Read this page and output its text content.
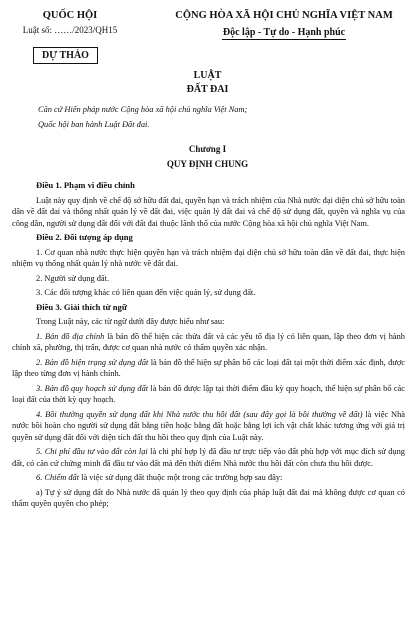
QUỐC HỘI
Luật số: ……/2023/QH15
CỘNG HÒA XÃ HỘI CHỦ NGHĨA VIỆT NAM
Độc lập - Tự do - Hạnh phúc
DỰ THẢO
LUẬT
ĐẤT ĐAI

Căn cứ Hiến pháp nước Cộng hòa xã hội chủ nghĩa Việt Nam;

Quốc hội ban hành Luật Đất đai.

Chương I
QUY ĐỊNH CHUNG

Điều 1. Phạm vi điều chỉnh

Luật này quy định về chế độ sở hữu đất đai, quyền hạn và trách nhiệm của Nhà nước đại diện chủ sở hữu toàn dân về đất đai và thống nhất quản lý về đất đai, việc quản lý đất đai và chế độ sử dụng đất, quyền và nghĩa vụ của công dân, người sử dụng đất đối với đất đai thuộc lãnh thổ của nước Cộng hòa xã hội chủ nghĩa Việt Nam.

Điều 2. Đối tượng áp dụng

1. Cơ quan nhà nước thực hiện quyền hạn và trách nhiệm đại diện chủ sở hữu toàn dân về đất đai, thực hiện nhiệm vụ thống nhất quản lý nhà nước về đất đai.

2. Người sử dụng đất.

3. Các đối tượng khác có liên quan đến việc quản lý, sử dụng đất.

Điều 3. Giải thích từ ngữ

Trong Luật này, các từ ngữ dưới đây được hiểu như sau:

1. Bản đồ địa chính là bản đồ thể hiện các thửa đất và các yếu tố địa lý có liên quan, lập theo đơn vị hành chính xã, phường, thị trấn, được cơ quan nhà nước có thẩm quyền xác nhận.

2. Bản đồ hiện trạng sử dụng đất là bản đồ thể hiện sự phân bố các loại đất tại một thời điểm xác định, được lập theo từng đơn vị hành chính.

3. Bản đồ quy hoạch sử dụng đất là bản đồ được lập tại thời điểm đầu kỳ quy hoạch, thể hiện sự phân bổ các loại đất của thời kỳ quy hoạch.

4. Bồi thường quyền sử dụng đất khi Nhà nước thu hồi đất (sau đây gọi là bồi thường về đất) là việc Nhà nước bồi hoàn cho người sử dụng đất bằng tiền hoặc bằng đất hoặc bằng lợi ích vật chất khác tương ứng với giá trị quyền sử dụng đất đối với diện tích đất thu hồi theo quy định của Luật này.

5. Chi phí đầu tư vào đất còn lại là chi phí hợp lý đã đầu tư trực tiếp vào đất phù hợp với mục đích sử dụng đất, có căn cứ chứng minh đã đầu tư vào đất mà đến thời điểm Nhà nước thu hồi đất còn chưa thu hồi được.

6. Chiếm đất là việc sử dụng đất thuộc một trong các trường hợp sau đây:

a) Tự ý sử dụng đất do Nhà nước đã quản lý theo quy định của pháp luật đất đai mà không được cơ quan có thẩm quyền quyền cho phép;
